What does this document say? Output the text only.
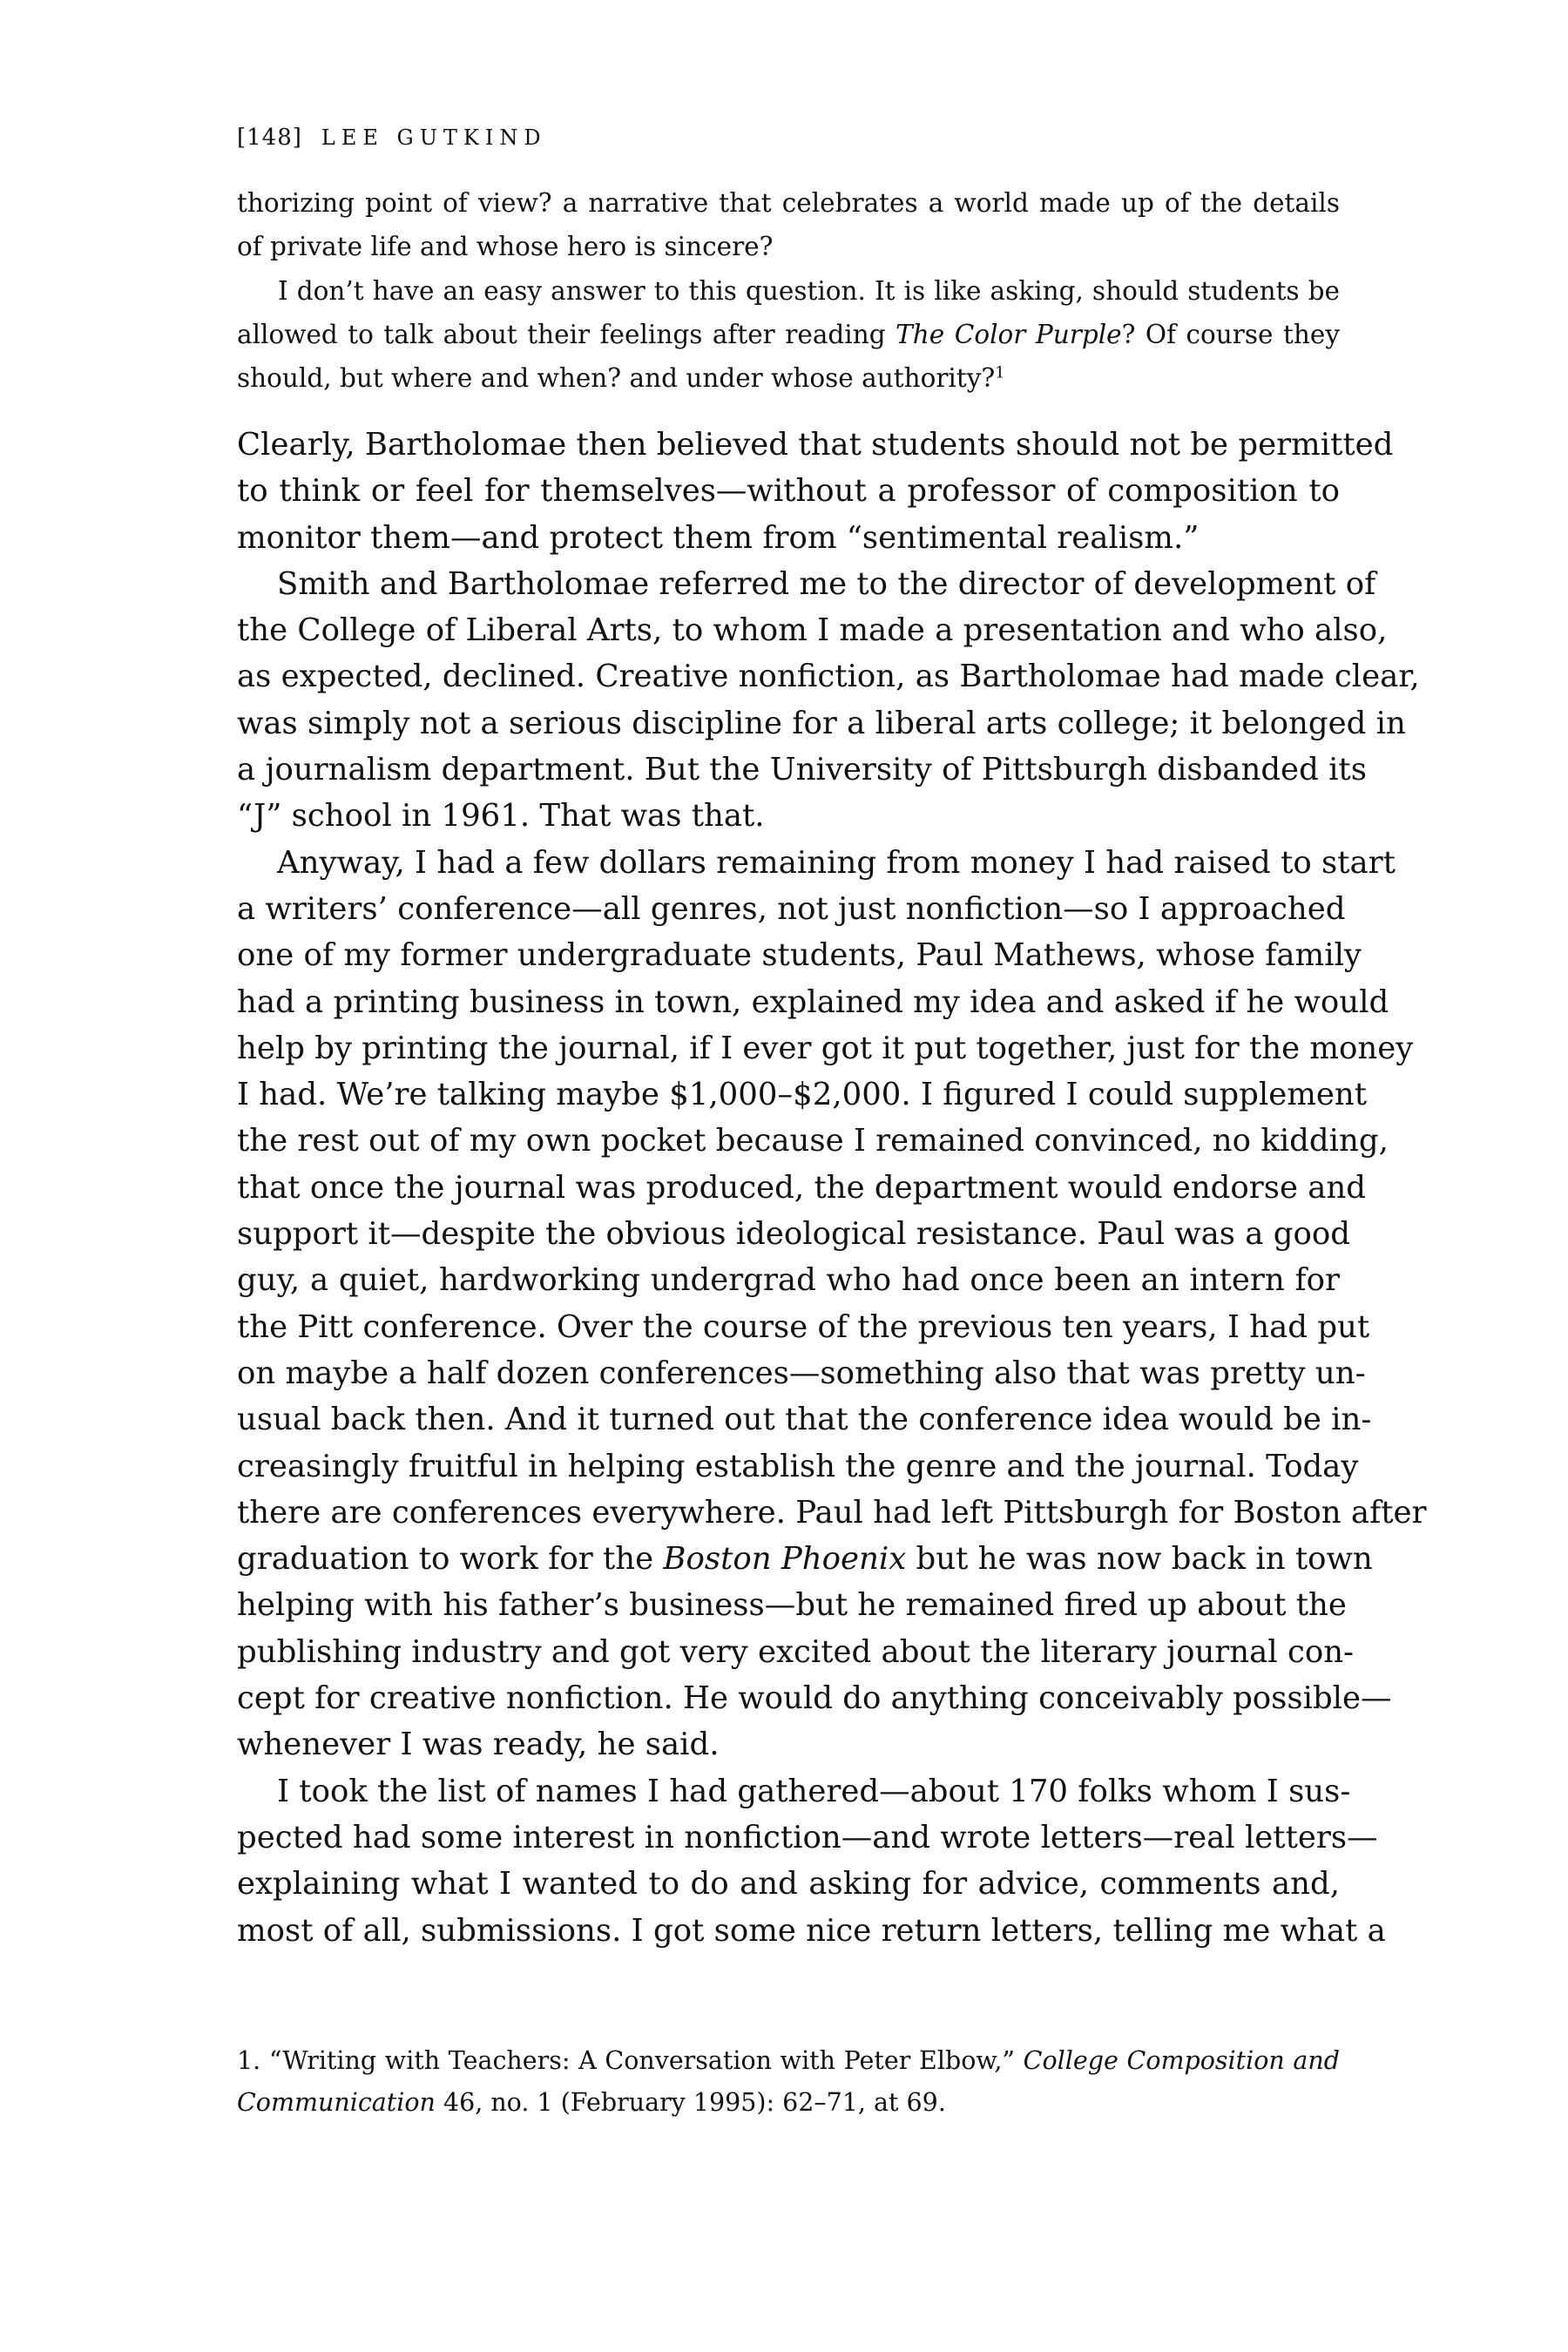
[148] LEE GUTKIND
thorizing point of view? a narrative that celebrates a world made up of the details
of private life and whose hero is sincere?
I don’t have an easy answer to this question. It is like asking, should students be
allowed to talk about their feelings after reading The Color Purple? Of course they
should, but where and when? and under whose authority?$^1$
Clearly, Bartholomae then believed that students should not be permitted
to think or feel for themselves—without a professor of composition to
monitor them—and protect them from “sentimental realism.”
Smith and Bartholomae referred me to the director of development of
the College of Liberal Arts, to whom I made a presentation and who also,
as expected, declined. Creative nonfiction, as Bartholomae had made clear,
was simply not a serious discipline for a liberal arts college; it belonged in
a journalism department. But the University of Pittsburgh disbanded its
“J” school in 1961. That was that.
Anyway, I had a few dollars remaining from money I had raised to start
a writers’ conference—all genres, not just nonfiction—so I approached
one of my former undergraduate students, Paul Mathews, whose family
had a printing business in town, explained my idea and asked if he would
help by printing the journal, if I ever got it put together, just for the money
I had. We’re talking maybe $1,000–$2,000. I figured I could supplement
the rest out of my own pocket because I remained convinced, no kidding,
that once the journal was produced, the department would endorse and
support it—despite the obvious ideological resistance. Paul was a good
guy, a quiet, hardworking undergrad who had once been an intern for
the Pitt conference. Over the course of the previous ten years, I had put
on maybe a half dozen conferences—something also that was pretty un-
usual back then. And it turned out that the conference idea would be in-
creasingly fruitful in helping establish the genre and the journal. Today
there are conferences everywhere. Paul had left Pittsburgh for Boston after
graduation to work for the Boston Phoenix but he was now back in town
helping with his father’s business—but he remained fired up about the
publishing industry and got very excited about the literary journal con-
cept for creative nonfiction. He would do anything conceivably possible—
whenever I was ready, he said.
I took the list of names I had gathered—about 170 folks whom I sus-
pected had some interest in nonfiction—and wrote letters—real letters—
explaining what I wanted to do and asking for advice, comments and,
most of all, submissions. I got some nice return letters, telling me what a
1. “Writing with Teachers: A Conversation with Peter Elbow,” College Composition and
Communication 46, no. 1 (February 1995): 62–71, at 69.
